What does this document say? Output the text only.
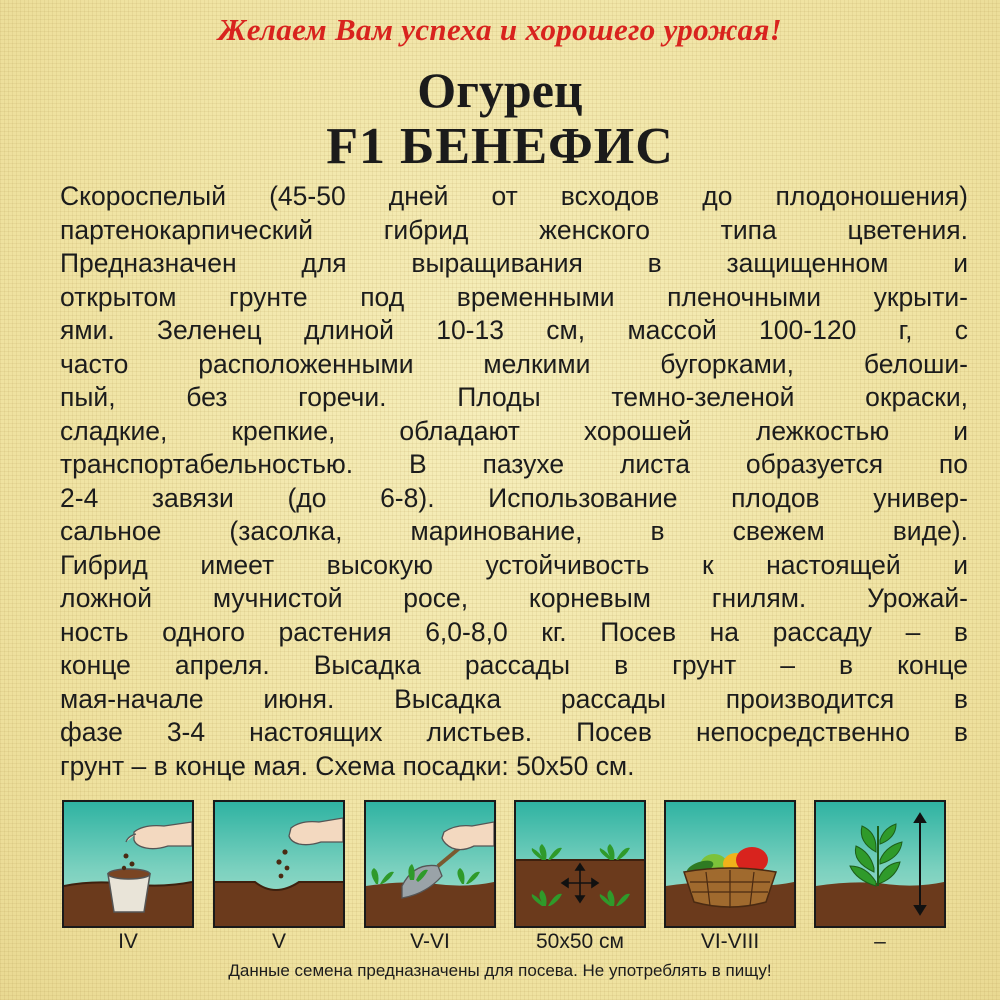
Желаем Вам успеха и хорошего урожая!
Огурец
F1 БЕНЕФИС
Скороспелый (45-50 дней от всходов до плодоношения)
партенокарпический гибрид женского типа цветения.
Предназначен для выращивания в защищенном и
открытом грунте под временными пленочными укрыти-
ями. Зеленец длиной 10-13 см, массой 100-120 г, с
часто расположенными мелкими бугорками, белоши-
пый, без горечи. Плоды темно-зеленой окраски,
сладкие, крепкие, обладают хорошей лежкостью и
транспортабельностью. В пазухе листа образуется по
2-4 завязи (до 6-8). Использование плодов универ-
сальное (засолка, маринование, в свежем виде).
Гибрид имеет высокую устойчивость к настоящей и
ложной мучнистой росе, корневым гнилям. Урожай-
ность одного растения 6,0-8,0 кг. Посев на рассаду – в
конце апреля. Высадка рассады в грунт – в конце
мая-начале июня. Высадка рассады производится в
фазе 3-4 настоящих листьев. Посев непосредственно в
грунт – в конце мая. Схема посадки: 50х50 см.
IV	V	V-VI	50х50 см	VI-VIII	–
Данные семена предназначены для посева. Не употреблять в пищу!
